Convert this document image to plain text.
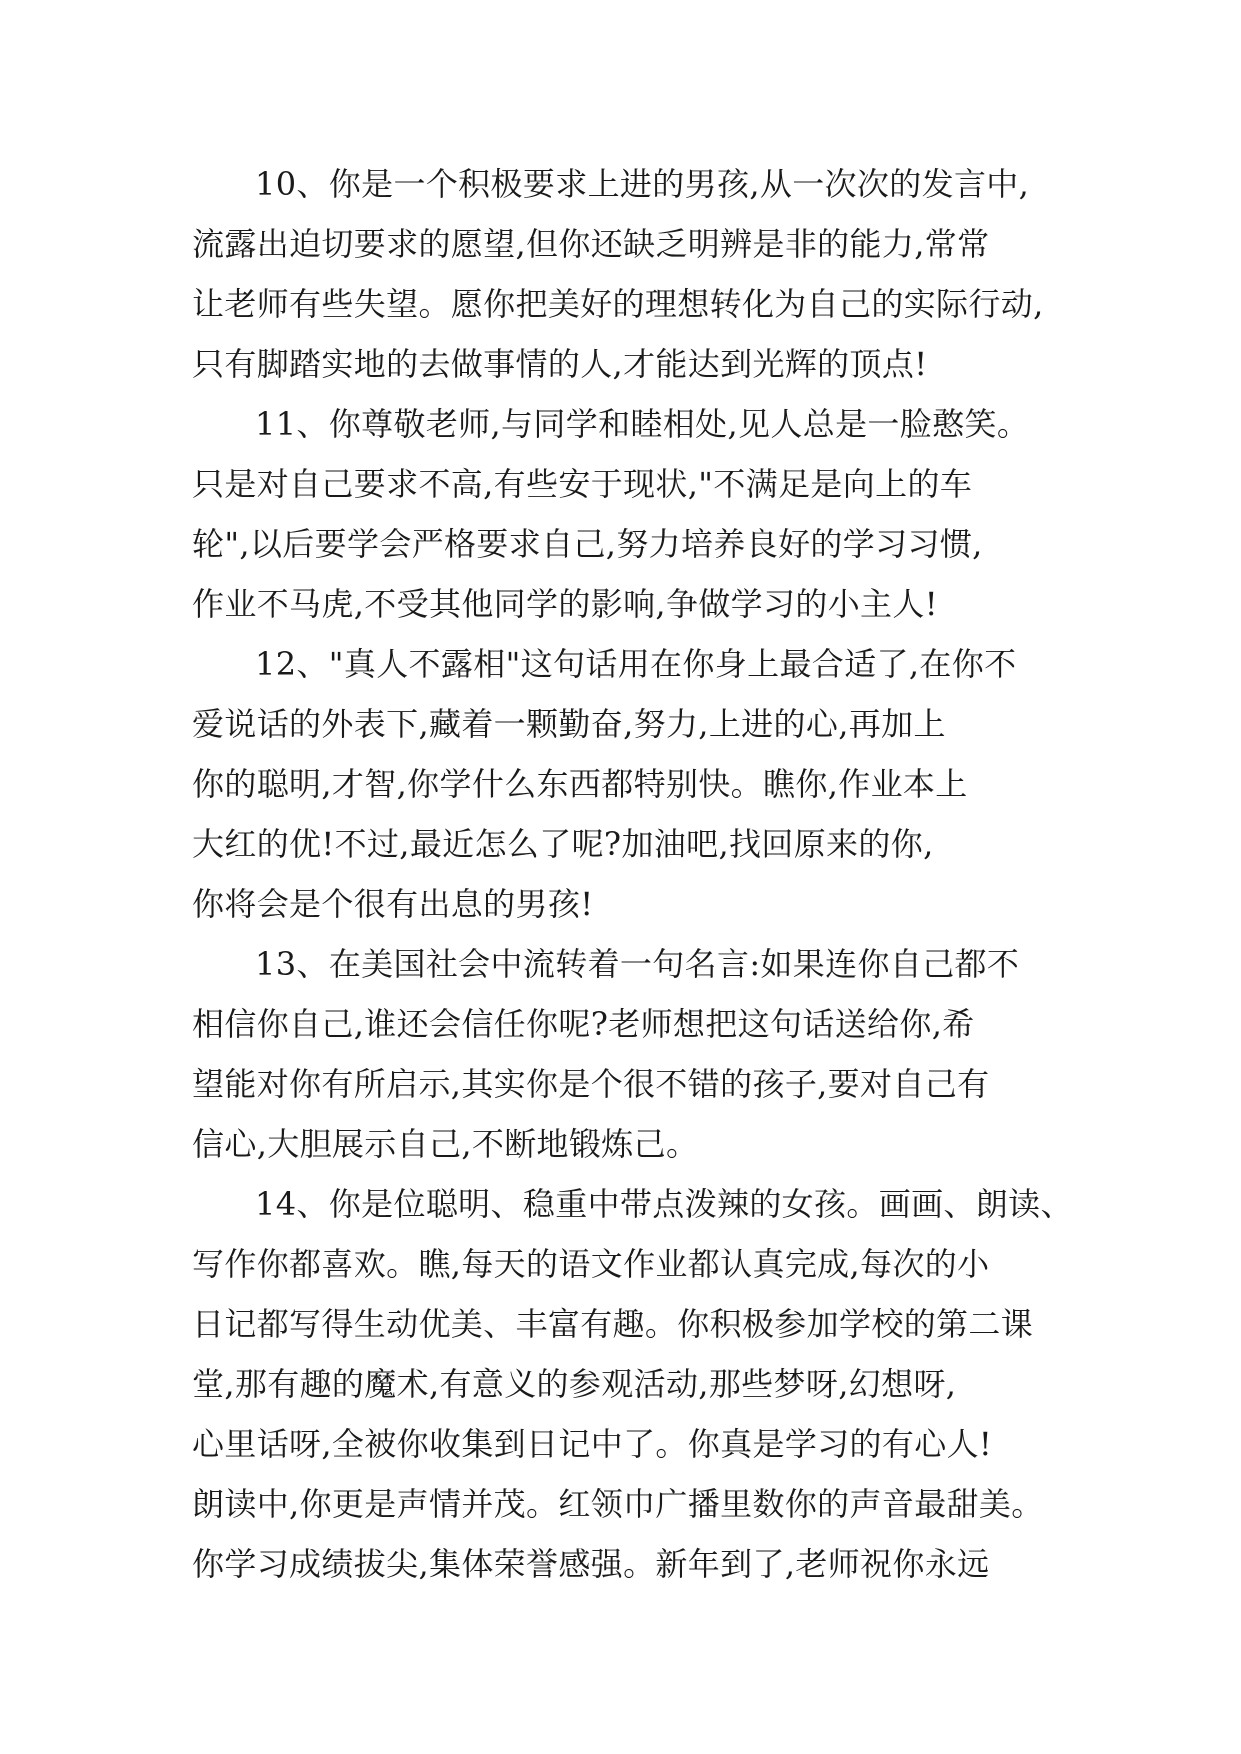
10、你是一个积极要求上进的男孩,从一次次的发言中,
流露出迫切要求的愿望,但你还缺乏明辨是非的能力,常常
让老师有些失望。愿你把美好的理想转化为自己的实际行动,
只有脚踏实地的去做事情的人,才能达到光辉的顶点!
11、你尊敬老师,与同学和睦相处,见人总是一脸憨笑。
只是对自己要求不高,有些安于现状,"不满足是向上的车
轮",以后要学会严格要求自己,努力培养良好的学习习惯,
作业不马虎,不受其他同学的影响,争做学习的小主人!
12、"真人不露相"这句话用在你身上最合适了,在你不
爱说话的外表下,藏着一颗勤奋,努力,上进的心,再加上
你的聪明,才智,你学什么东西都特别快。瞧你,作业本上
大红的优!不过,最近怎么了呢?加油吧,找回原来的你,
你将会是个很有出息的男孩!
13、在美国社会中流转着一句名言:如果连你自己都不
相信你自己,谁还会信任你呢?老师想把这句话送给你,希
望能对你有所启示,其实你是个很不错的孩子,要对自己有
信心,大胆展示自己,不断地锻炼己。
14、你是位聪明、稳重中带点泼辣的女孩。画画、朗读、
写作你都喜欢。瞧,每天的语文作业都认真完成,每次的小
日记都写得生动优美、丰富有趣。你积极参加学校的第二课
堂,那有趣的魔术,有意义的参观活动,那些梦呀,幻想呀,
心里话呀,全被你收集到日记中了。你真是学习的有心人!
朗读中,你更是声情并茂。红领巾广播里数你的声音最甜美。
你学习成绩拔尖,集体荣誉感强。新年到了,老师祝你永远
